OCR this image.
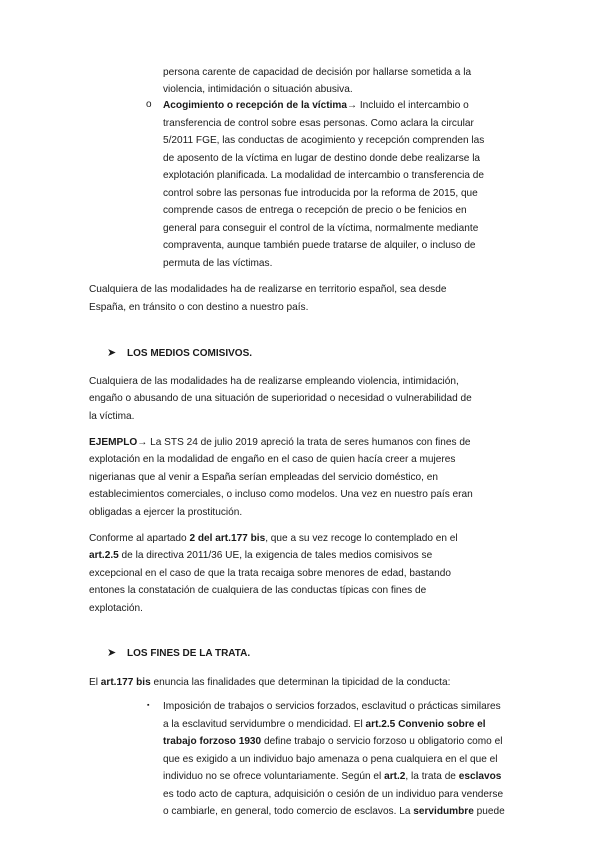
persona carente de capacidad de decisión por hallarse sometida a la

violencia, intimidación o situación abusiva.

o Acogimiento o recepción de la víctima→ Incluido el intercambio o

transferencia de control sobre esas personas. Como aclara la circular

5/2011 FGE, las conductas de acogimiento y recepción comprenden las

de aposento de la víctima en lugar de destino donde debe realizarse la

explotación planificada. La modalidad de intercambio o transferencia de

control sobre las personas fue introducida por la reforma de 2015, que

comprende casos de entrega o recepción de precio o be fenicios en

general para conseguir el control de la víctima, normalmente mediante

compraventa, aunque también puede tratarse de alquiler, o incluso de

permuta de las víctimas.

Cualquiera de las modalidades ha de realizarse en territorio español, sea desde

España, en tránsito o con destino a nuestro país.

➤ LOS MEDIOS COMISIVOS.

Cualquiera de las modalidades ha de realizarse empleando violencia, intimidación,

engaño o abusando de una situación de superioridad o necesidad o vulnerabilidad de

la víctima.

EJEMPLO→ La STS 24 de julio 2019 apreció la trata de seres humanos con fines de

explotación en la modalidad de engaño en el caso de quien hacía creer a mujeres

nigerianas que al venir a España serían empleadas del servicio doméstico, en

establecimientos comerciales, o incluso como modelos. Una vez en nuestro país eran

obligadas a ejercer la prostitución.

Conforme al apartado 2 del art.177 bis, que a su vez recoge lo contemplado en el

art.2.5 de la directiva 2011/36 UE, la exigencia de tales medios comisivos se

excepcional en el caso de que la trata recaiga sobre menores de edad, bastando

entones la constatación de cualquiera de las conductas típicas con fines de

explotación.

➤ LOS FINES DE LA TRATA.

El art.177 bis enuncia las finalidades que determinan la tipicidad de la conducta:

▪ Imposición de trabajos o servicios forzados, esclavitud o prácticas similares

a la esclavitud servidumbre o mendicidad. El art.2.5 Convenio sobre el

trabajo forzoso 1930 define trabajo o servicio forzoso u obligatorio como el

que es exigido a un individuo bajo amenaza o pena cualquiera en el que el

individuo no se ofrece voluntariamente. Según el art.2, la trata de esclavos

es todo acto de captura, adquisición o cesión de un individuo para venderse

o cambiarle, en general, todo comercio de esclavos. La servidumbre puede
